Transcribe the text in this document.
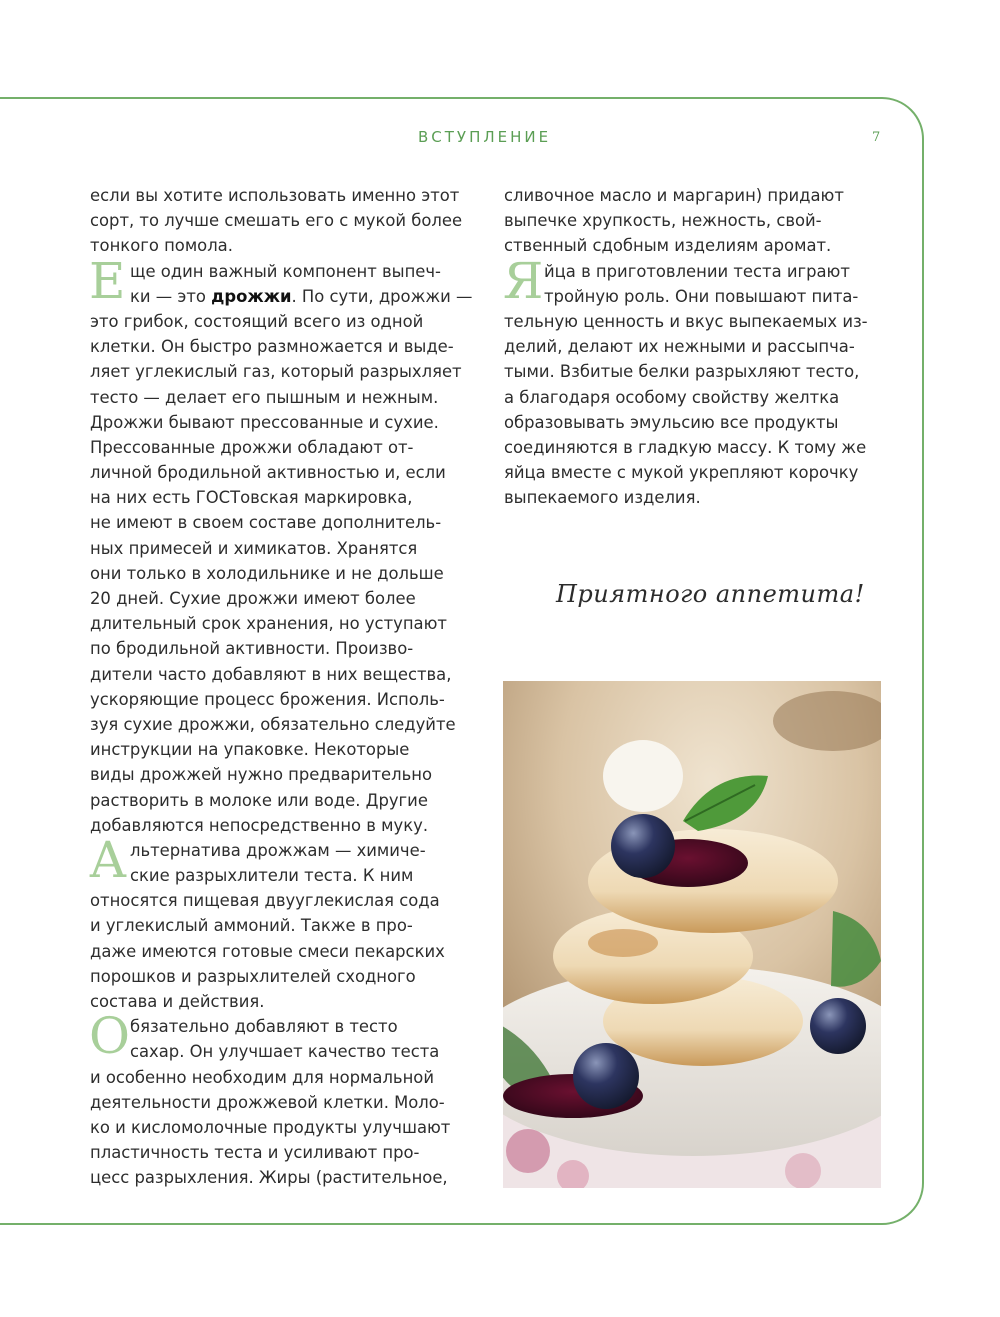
ВСТУПЛЕНИЕ	7
если вы хотите использовать именно этот
сорт, то лучше смешать его с мукой более
тонкого помола.
Е ще один важный компонент выпеч-
ки — это дрожжи. По сути, дрожжи —
это грибок, состоящий всего из одной
клетки. Он быстро размножается и выде-
ляет углекислый газ, который разрыхляет
тесто — делает его пышным и нежным.
Дрожжи бывают прессованные и сухие.
Прессованные дрожжи обладают от-
личной бродильной активностью и, если
на них есть ГОСТовская маркировка,
не имеют в своем составе дополнитель-
ных примесей и химикатов. Хранятся
они только в холодильнике и не дольше
20 дней. Сухие дрожжи имеют более
длительный срок хранения, но уступают
по бродильной активности. Произво-
дители часто добавляют в них вещества,
ускоряющие процесс брожения. Исполь-
зуя сухие дрожжи, обязательно следуйте
инструкции на упаковке. Некоторые
виды дрожжей нужно предварительно
растворить в молоке или воде. Другие
добавляются непосредственно в муку.
А льтернатива дрожжам — химиче-
ские разрыхлители теста. К ним
относятся пищевая двууглекислая сода
и углекислый аммоний. Также в про-
даже имеются готовые смеси пекарских
порошков и разрыхлителей сходного
состава и действия.
О бязательно добавляют в тесто
сахар. Он улучшает качество теста
и особенно необходим для нормальной
деятельности дрожжевой клетки. Моло-
ко и кисломолочные продукты улучшают
пластичность теста и усиливают про-
цесс разрыхления. Жиры (растительное,
сливочное масло и маргарин) придают
выпечке хрупкость, нежность, свой-
ственный сдобным изделиям аромат.
Я йца в приготовлении теста играют
тройную роль. Они повышают пита-
тельную ценность и вкус выпекаемых из-
делий, делают их нежными и рассыпча-
тыми. Взбитые белки разрыхляют тесто,
а благодаря особому свойству желтка
образовывать эмульсию все продукты
соединяются в гладкую массу. К тому же
яйца вместе с мукой укрепляют корочку
выпекаемого изделия.
Приятного аппетита!
